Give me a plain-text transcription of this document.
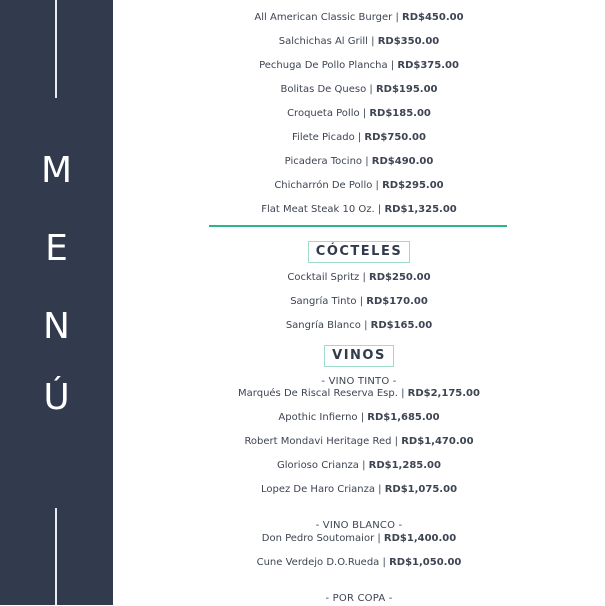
M
E
N
Ú
All American Classic Burger | RD$450.00
Salchichas Al Grill | RD$350.00
Pechuga De Pollo Plancha | RD$375.00
Bolitas De Queso | RD$195.00
Croqueta Pollo | RD$185.00
Filete Picado | RD$750.00
Picadera Tocino | RD$490.00
Chicharrón De Pollo | RD$295.00
Flat Meat Steak 10 Oz. | RD$1,325.00
CÓCTELES
Cocktail Spritz | RD$250.00
Sangría Tinto | RD$170.00
Sangría Blanco | RD$165.00
VINOS
- VINO TINTO -
Marqués De Riscal Reserva Esp. | RD$2,175.00
Apothic Infierno | RD$1,685.00
Robert Mondavi Heritage Red | RD$1,470.00
Glorioso Crianza | RD$1,285.00
Lopez De Haro Crianza | RD$1,075.00
- VINO BLANCO -
Don Pedro Soutomaior | RD$1,400.00
Cune Verdejo D.O.Rueda | RD$1,050.00
- POR COPA -
